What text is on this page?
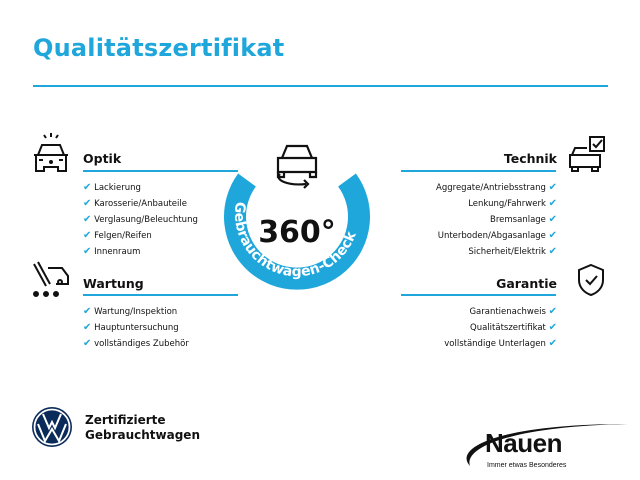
Qualitätszertifikat
Optik
✔ Lackierung
✔ Karosserie/Anbauteile
✔ Verglasung/Beleuchtung
✔ Felgen/Reifen
✔ Innenraum
Wartung
✔ Wartung/Inspektion
✔ Hauptuntersuchung
✔ vollständiges Zubehör
Gebrauchtwagen-Check
360°
Technik
Aggregate/Antriebsstrang ✔
Lenkung/Fahrwerk ✔
Bremsanlage ✔
Unterboden/Abgasanlage ✔
Sicherheit/Elektrik ✔
Garantie
Garantienachweis ✔
Qualitätszertifikat ✔
vollständige Unterlagen ✔
Zertifizierte
Gebrauchtwagen	Nauen
Immer etwas Besonderes
